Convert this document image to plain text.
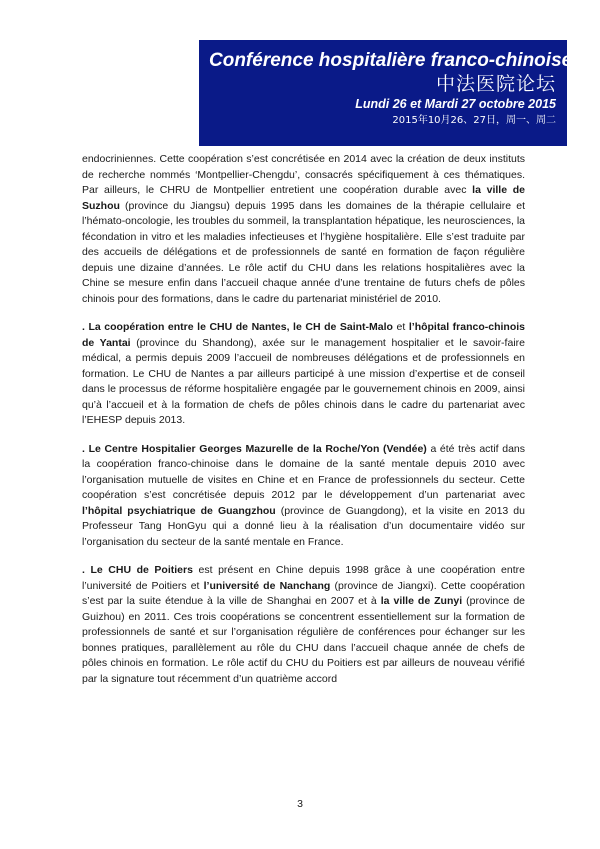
Conférence hospitalière franco-chinoise
中法医院论坛
Lundi 26 et Mardi 27 octobre 2015
2015年10月26、27日，周一、周二

endocriniennes. Cette coopération s’est concrétisée en 2014 avec la création de deux instituts de recherche nommés ‘Montpellier-Chengdu’, consacrés spécifiquement à ces thématiques. Par ailleurs, le CHRU de Montpellier entretient une coopération durable avec la ville de Suzhou (province du Jiangsu) depuis 1995 dans les domaines de la thérapie cellulaire et l’hémato-oncologie, les troubles du sommeil, la transplantation hépatique, les neurosciences, la fécondation in vitro et les maladies infectieuses et l’hygiène hospitalière. Elle s’est traduite par des accueils de délégations et de professionnels de santé en formation de façon régulière depuis une dizaine d’années. Le rôle actif du CHU dans les relations hospitalières avec la Chine se mesure enfin dans l’accueil chaque année d’une trentaine de futurs chefs de pôles chinois pour des formations, dans le cadre du partenariat ministériel de 2010.

. La coopération entre le CHU de Nantes, le CH de Saint-Malo et l’hôpital franco-chinois de Yantai (province du Shandong), axée sur le management hospitalier et le savoir-faire médical, a permis depuis 2009 l’accueil de nombreuses délégations et de professionnels en formation. Le CHU de Nantes a par ailleurs participé à une mission d’expertise et de conseil dans le processus de réforme hospitalière engagée par le gouvernement chinois en 2009, ainsi qu’à l’accueil et à la formation de chefs de pôles chinois dans le cadre du partenariat avec l’EHESP depuis 2013.

. Le Centre Hospitalier Georges Mazurelle de la Roche/Yon (Vendée) a été très actif dans la coopération franco-chinoise dans le domaine de la santé mentale depuis 2010 avec l’organisation mutuelle de visites en Chine et en France de professionnels du secteur. Cette coopération s’est concrétisée depuis 2012 par le développement d’un partenariat avec l’hôpital psychiatrique de Guangzhou (province de Guangdong), et la visite en 2013 du Professeur Tang HonGyu qui a donné lieu à la réalisation d’un documentaire vidéo sur l’organisation du secteur de la santé mentale en France.

. Le CHU de Poitiers est présent en Chine depuis 1998 grâce à une coopération entre l’université de Poitiers et l’université de Nanchang (province de Jiangxi). Cette coopération s’est par la suite étendue à la ville de Shanghai en 2007 et à la ville de Zunyi (province de Guizhou) en 2011. Ces trois coopérations se concentrent essentiellement sur la formation de professionnels de santé et sur l’organisation régulière de conférences pour échanger sur les bonnes pratiques, parallèlement au rôle du CHU dans l’accueil chaque année de chefs de pôles chinois en formation. Le rôle actif du CHU du Poitiers est par ailleurs de nouveau vérifié par la signature tout récemment d’un quatrième accord

3
